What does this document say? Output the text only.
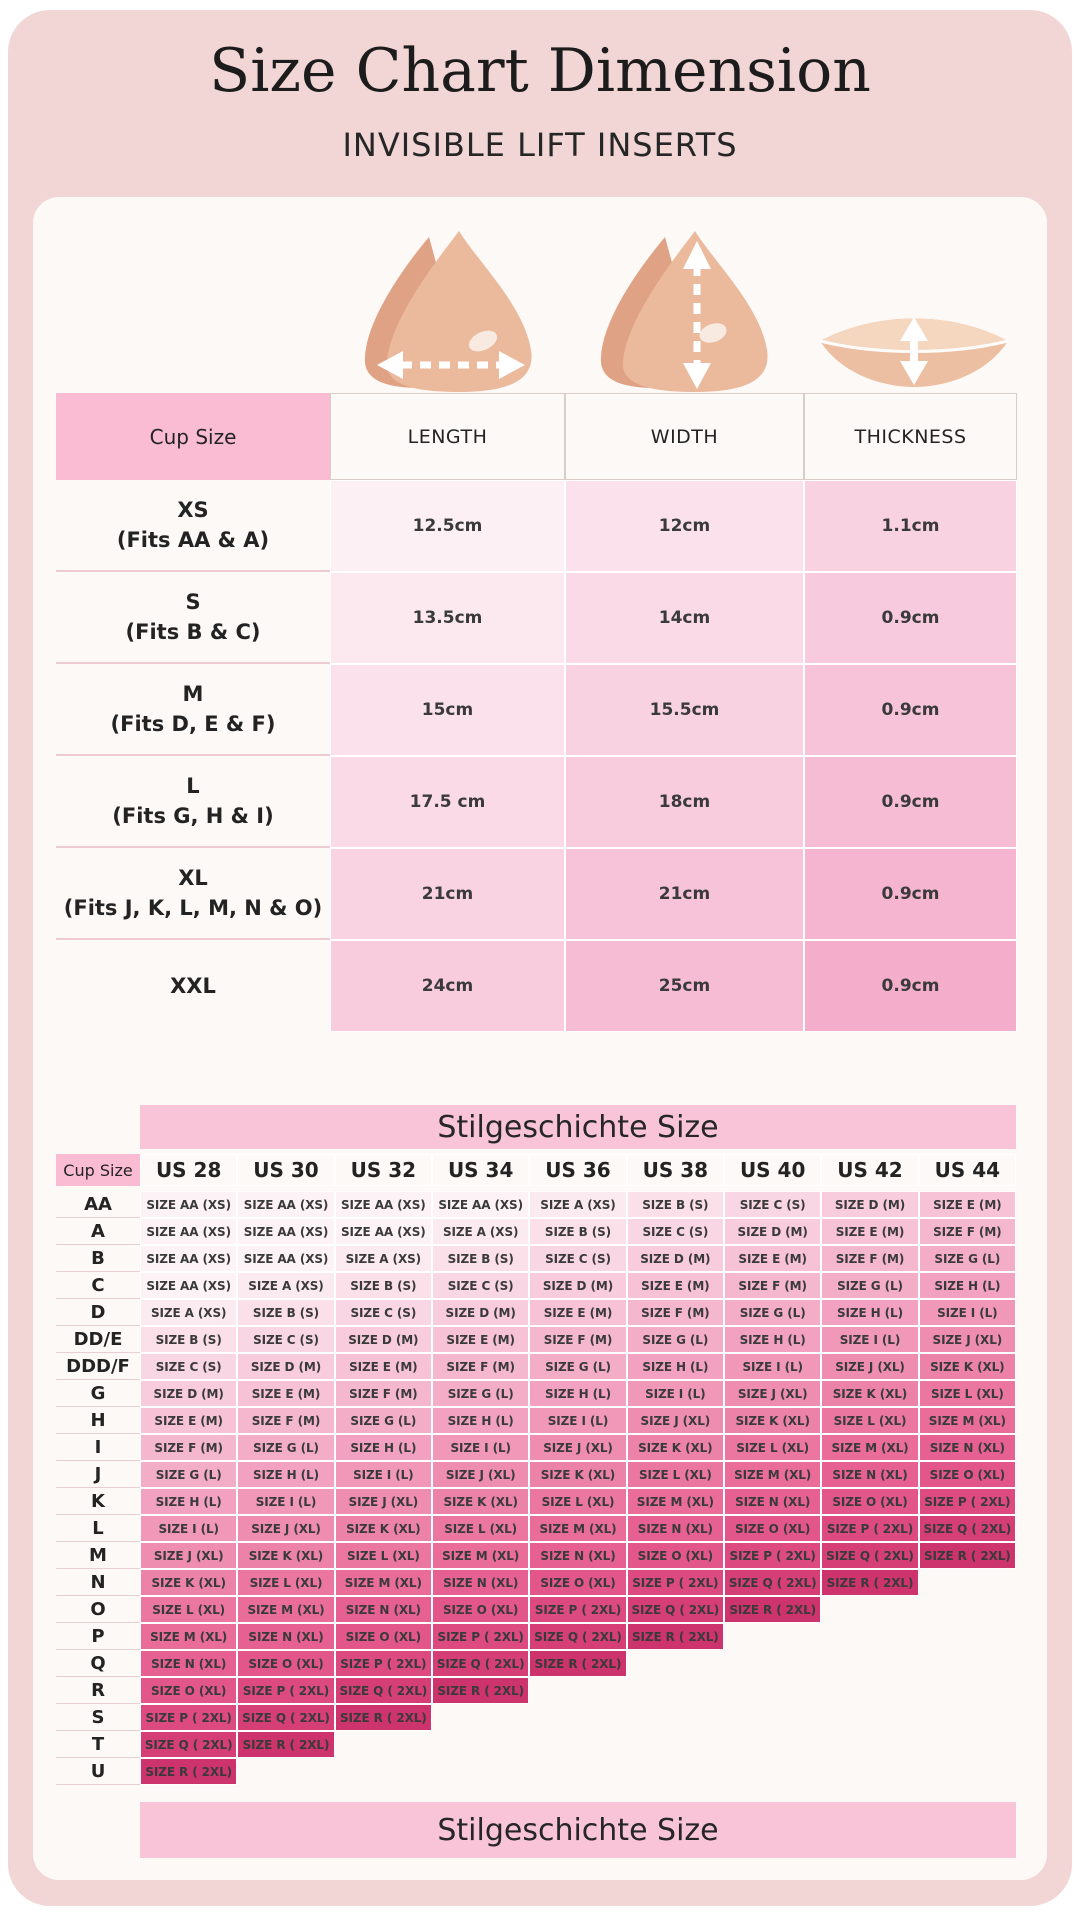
Size Chart Dimension
INVISIBLE LIFT INSERTS
Cup Size	LENGTH	WIDTH	THICKNESS
XS
(Fits AA & A)
12.5cm	12cm	1.1cm
S
(Fits B & C)
13.5cm	14cm	0.9cm
M
(Fits D, E & F)
15cm	15.5cm	0.9cm
L
(Fits G, H & I)
17.5 cm	18cm	0.9cm
XL
(Fits J, K, L, M, N & O)
21cm	21cm	0.9cm
XXL	24cm	25cm	0.9cm
Stilgeschichte Size
Cup Size	US 28	US 30	US 32	US 34	US 36	US 38	US 40	US 42	US 44
AA	SIZE AA (XS)	SIZE AA (XS)	SIZE AA (XS)	SIZE AA (XS)	SIZE A (XS)	SIZE B (S)	SIZE C (S)	SIZE D (M)	SIZE E (M)
A	SIZE AA (XS)	SIZE AA (XS)	SIZE AA (XS)	SIZE A (XS)	SIZE B (S)	SIZE C (S)	SIZE D (M)	SIZE E (M)	SIZE F (M)
B	SIZE AA (XS)	SIZE AA (XS)	SIZE A (XS)	SIZE B (S)	SIZE C (S)	SIZE D (M)	SIZE E (M)	SIZE F (M)	SIZE G (L)
C	SIZE AA (XS)	SIZE A (XS)	SIZE B (S)	SIZE C (S)	SIZE D (M)	SIZE E (M)	SIZE F (M)	SIZE G (L)	SIZE H (L)
D	SIZE A (XS)	SIZE B (S)	SIZE C (S)	SIZE D (M)	SIZE E (M)	SIZE F (M)	SIZE G (L)	SIZE H (L)	SIZE I (L)
DD/E	SIZE B (S)	SIZE C (S)	SIZE D (M)	SIZE E (M)	SIZE F (M)	SIZE G (L)	SIZE H (L)	SIZE I (L)	SIZE J (XL)
DDD/F	SIZE C (S)	SIZE D (M)	SIZE E (M)	SIZE F (M)	SIZE G (L)	SIZE H (L)	SIZE I (L)	SIZE J (XL)	SIZE K (XL)
G	SIZE D (M)	SIZE E (M)	SIZE F (M)	SIZE G (L)	SIZE H (L)	SIZE I (L)	SIZE J (XL)	SIZE K (XL)	SIZE L (XL)
H	SIZE E (M)	SIZE F (M)	SIZE G (L)	SIZE H (L)	SIZE I (L)	SIZE J (XL)	SIZE K (XL)	SIZE L (XL)	SIZE M (XL)
I	SIZE F (M)	SIZE G (L)	SIZE H (L)	SIZE I (L)	SIZE J (XL)	SIZE K (XL)	SIZE L (XL)	SIZE M (XL)	SIZE N (XL)
J	SIZE G (L)	SIZE H (L)	SIZE I (L)	SIZE J (XL)	SIZE K (XL)	SIZE L (XL)	SIZE M (XL)	SIZE N (XL)	SIZE O (XL)
K	SIZE H (L)	SIZE I (L)	SIZE J (XL)	SIZE K (XL)	SIZE L (XL)	SIZE M (XL)	SIZE N (XL)	SIZE O (XL)	SIZE P ( 2XL)
L	SIZE I (L)	SIZE J (XL)	SIZE K (XL)	SIZE L (XL)	SIZE M (XL)	SIZE N (XL)	SIZE O (XL)	SIZE P ( 2XL) SIZE Q ( 2XL)
M	SIZE J (XL)	SIZE K (XL)	SIZE L (XL)	SIZE M (XL)	SIZE N (XL)	SIZE O (XL)	SIZE P ( 2XL) SIZE Q ( 2XL) SIZE R ( 2XL)
N	SIZE K (XL)	SIZE L (XL)	SIZE M (XL)	SIZE N (XL)	SIZE O (XL)	SIZE P ( 2XL) SIZE Q ( 2XL) SIZE R ( 2XL)
O	SIZE L (XL)	SIZE M (XL)	SIZE N (XL)	SIZE O (XL)	SIZE P ( 2XL) SIZE Q ( 2XL) SIZE R ( 2XL)
P	SIZE M (XL)	SIZE N (XL)	SIZE O (XL)	SIZE P ( 2XL) SIZE Q ( 2XL) SIZE R ( 2XL)
Q	SIZE N (XL)	SIZE O (XL)	SIZE P ( 2XL) SIZE Q ( 2XL) SIZE R ( 2XL)
R	SIZE O (XL)	SIZE P ( 2XL) SIZE Q ( 2XL) SIZE R ( 2XL)
S	SIZE P ( 2XL) SIZE Q ( 2XL) SIZE R ( 2XL)
T	SIZE Q ( 2XL) SIZE R ( 2XL)
U	SIZE R ( 2XL)
Stilgeschichte Size
